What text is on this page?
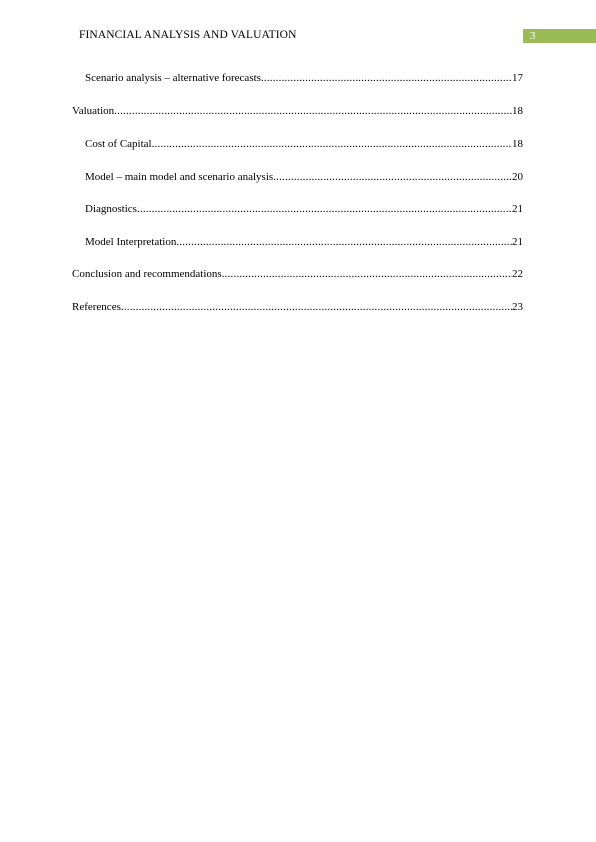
FINANCIAL ANALYSIS AND VALUATION	3
Scenario analysis – alternative forecasts .....	17
Valuation .....	18
Cost of Capital .....	18
Model – main model and scenario analysis .....	20
Diagnostics .....	21
Model Interpretation .....	21
Conclusion and recommendations .....	22
References .....	23
